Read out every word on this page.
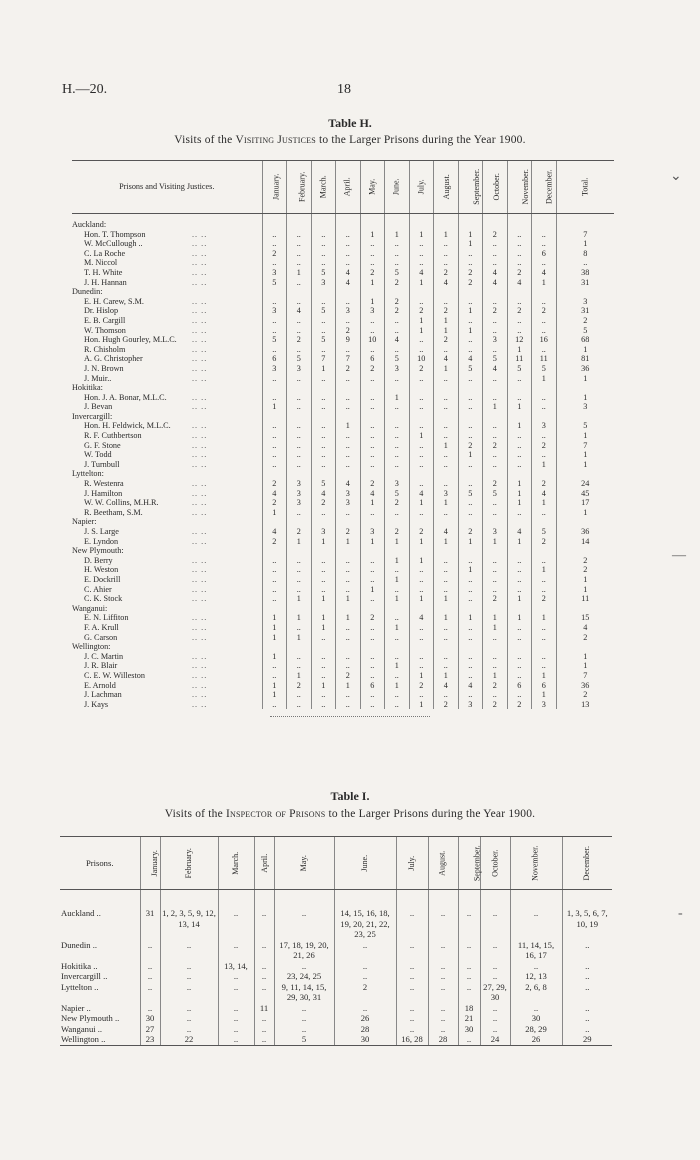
H.—20.	18
Table H.
Visits of the Visiting Justices to the Larger Prisons during the Year 1900.
Prisons and Visiting Justices.	January.	February.	March.	April.	May.	June.	July.	August.	September.	October.	November.	December.	Total.
Auckland:													
Hon. T. Thompson .. ..	..	..	..	..	1	1	1	1	1	2	..	..	7
W. McCullough .. .. ..	..	..	..	..	..	..	..	..	1	..	..	..	1
C. La Roche .. ..	2	..	..	..	..	..	..	..	..	..	..	6	8
M. Niccol .. ..	..	..	..	..	..	..	..	..	..	..	..	..	..
T. H. White .. ..	3	1	5	4	2	5	4	2	2	4	2	4	38
J. H. Hannan .. ..	5	..	3	4	1	2	1	4	2	4	4	1	31
Dunedin:													
E. H. Carew, S.M. .. ..	..	..	..	..	1	2	..	..	..	..	..	..	3
Dr. Hislop .. ..	3	4	5	3	3	2	2	2	1	2	2	2	31
E. B. Cargill .. ..	..	..	..	..	..	..	1	1	..	..	..	..	2
W. Thomson .. ..	..	..	..	2	..	..	1	1	1	..	..	..	5
Hon. Hugh Gourley, M.L.C. .. ..	5	2	5	9	10	4	..	2	..	3	12	16	68
R. Chisholm .. ..	..	..	..	..	..	..	..	..	..	..	1	..	1
A. G. Christopher .. ..	6	5	7	7	6	5	10	4	4	5	11	11	81
J. N. Brown .. ..	3	3	1	2	2	3	2	1	5	4	5	5	36
J. Muir.. .. ..	..	..	..	..	..	..	..	..	..	..	..	1	1
Hokitika:													
Hon. J. A. Bonar, M.L.C. .. ..	..	..	..	..	..	1	..	..	..	..	..	..	1
J. Bevan .. ..	1	..	..	..	..	..	..	..	..	1	1	..	3
Invercargill:													
Hon. H. Feldwick, M.L.C. .. ..	..	..	..	1	..	..	..	..	..	..	1	3	5
R. F. Cuthbertson .. ..	..	..	..	..	..	..	1	..	..	..	..	..	1
G. F. Stone .. ..	..	..	..	..	..	..	..	1	2	2	..	2	7
W. Todd .. ..	..	..	..	..	..	..	..	..	1	..	..	..	1
J. Turnbull .. ..	..	..	..	..	..	..	..	..	..	..	..	1	1
Lyttelton:													
R. Westenra .. ..	2	3	5	4	2	3	..	..	..	2	1	2	24
J. Hamilton .. ..	4	3	4	3	4	5	4	3	5	5	1	4	45
W. W. Collins, M.H.R. .. ..	2	3	2	3	1	2	1	1	..	..	1	1	17
R. Beetham, S.M. .. ..	1	..	..	..	..	..	..	..	..	..	..	..	1
Napier:													
J. S. Large .. ..	4	2	3	2	3	2	2	4	2	3	4	5	36
E. Lyndon .. ..	2	1	1	1	1	1	1	1	1	1	1	2	14
New Plymouth:													
D. Berry .. ..	..	..	..	..	..	1	1	..	..	..	..	..	2
H. Weston .. ..	..	..	..	..	..	..	..	..	1	..	..	1	2
E. Dockrill .. ..	..	..	..	..	..	1	..	..	..	..	..	..	1
C. Ahier .. ..	..	..	..	..	1	..	..	..	..	..	..	..	1
C. K. Stock .. ..	..	1	1	1	..	1	1	1	..	2	1	2	11
Wanganui:													
E. N. Liffiton .. ..	1	1	1	1	2	..	4	1	1	1	1	1	15
F. A. Krull .. ..	1	..	1	..	..	1	..	..	..	1	..	..	4
G. Carson .. ..	1	1	..	..	..	..	..	..	..	..	..	..	2
Wellington:													
J. C. Martin .. ..	1	..	..	..	..	..	..	..	..	..	..	..	1
J. R. Blair .. ..	..	..	..	..	..	1	..	..	..	..	..	..	1
C. E. W. Willeston .. ..	..	1	..	2	..	..	1	1	..	1	..	1	7
E. Arnold .. ..	1	2	1	1	6	1	2	4	4	2	6	6	36
J. Lachman .. ..	1	..	..	..	..	..	..	..	..	..	..	1	2
J. Kays .. ..	..	..	..	..	..	..	1	2	3	2	2	3	13
Table I.
Visits of the Inspector of Prisons to the Larger Prisons during the Year 1900.
Prisons.	January.	February.	March.	April.	May.	June.	July.	August.	September.	October.	November.	December.
Auckland ..	31	1, 2, 3, 5, 9, 12, 13, 14	..	..	..	14, 15, 16, 18, 19, 20, 21, 22, 23, 25	..	..	..	..	..	1, 3, 5, 6, 7, 10, 19
Dunedin ..	..	..	..	..	17, 18, 19, 20, 21, 26	..	..	..	..	..	11, 14, 15, 16, 17	..
Hokitika ..	..	..	13, 14,	..	..	..	..	..	..	..	..	..
Invercargill ..	..	..	..	..	23, 24, 25	..	..	..	..	..	12, 13	..
Lyttelton ..	..	..	..	..	9, 11, 14, 15, 29, 30, 31	2	..	..	..	27, 29, 30	2, 6, 8	..
Napier ..	..	..	..	11	..	..	..	..	18	..	..	..
New Plymouth ..	30	..	..	..	..	26	..	..	21	..	30	..
Wanganui ..	27	..	..	..	..	28	..	..	30	..	28, 29	..
Wellington ..	23	22	..	..	5	30	16, 28	28	..	24	26	29
⌄
—
-
